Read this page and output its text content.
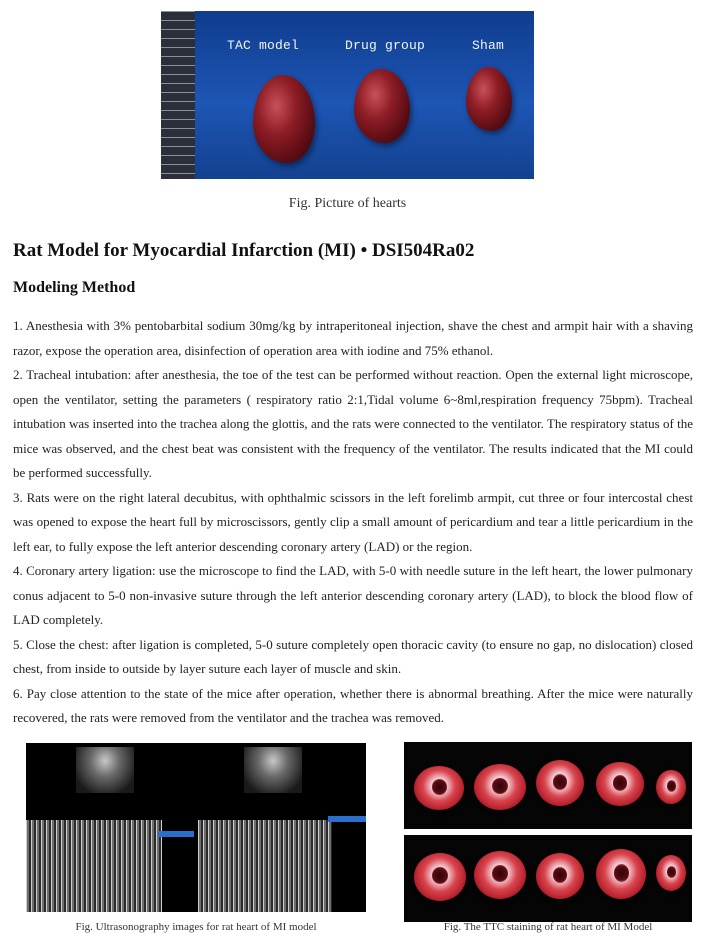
TAC model	Drug group	Sham
Fig. Picture of hearts
Rat Model for Myocardial Infarction (MI) • DSI504Ra02
Modeling Method

1. Anesthesia with 3% pentobarbital sodium 30mg/kg by intraperitoneal injection, shave the chest and armpit hair with a shaving razor, expose the operation area, disinfection of operation area with iodine and 75% ethanol.

2. Tracheal intubation: after anesthesia, the toe of the test can be performed without reaction. Open the external light microscope, open the ventilator, setting the parameters ( respiratory ratio 2:1,Tidal volume 6~8ml,respiration frequency 75bpm). Tracheal intubation was inserted into the trachea along the glottis, and the rats were connected to the ventilator. The respiratory status of the mice was observed, and the chest beat was consistent with the frequency of the ventilator. The results indicated that the MI could be performed successfully.

3. Rats were on the right lateral decubitus, with ophthalmic scissors in the left forelimb armpit, cut three or four intercostal chest was opened to expose the heart full by microscissors, gently clip a small amount of pericardium and tear a little pericardium in the left ear, to fully expose the left anterior descending coronary artery (LAD) or the region.

4. Coronary artery ligation: use the microscope to find the LAD, with 5-0 with needle suture in the left heart, the lower pulmonary conus adjacent to 5-0 non-invasive suture through the left anterior descending coronary artery (LAD), to block the blood flow of LAD completely.

5. Close the chest: after ligation is completed, 5-0 suture completely open thoracic cavity (to ensure no gap, no dislocation) closed chest, from inside to outside by layer suture each layer of muscle and skin.

6. Pay close attention to the state of the mice after operation, whether there is abnormal breathing. After the mice were naturally recovered, the rats were removed from the ventilator and the trachea was removed.

Fig. Ultrasonography images for rat heart of MI model	Fig. The TTC staining of rat heart of MI Model
